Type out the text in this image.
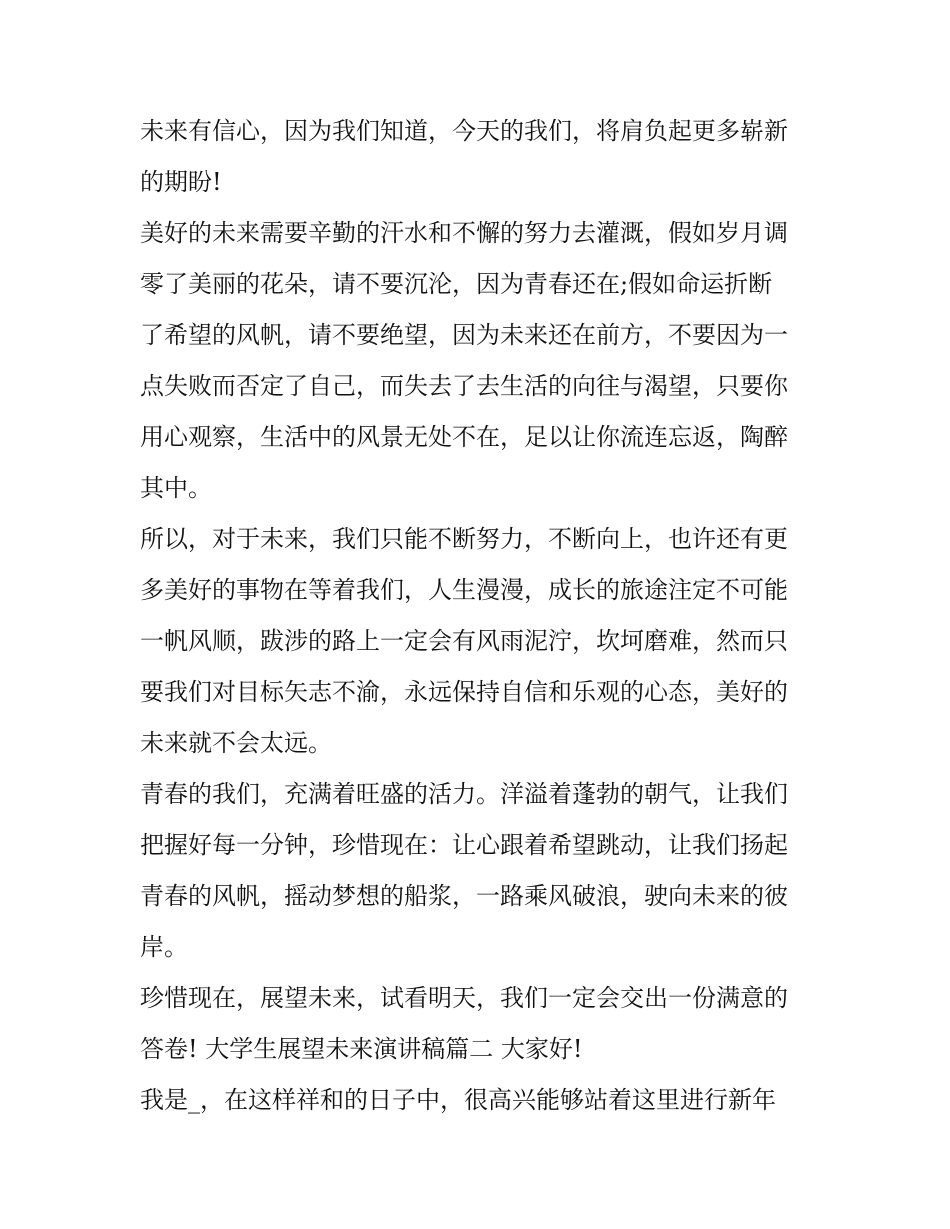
未来有信心，因为我们知道，今天的我们，将肩负起更多崭新
的期盼!
美好的未来需要辛勤的汗水和不懈的努力去灌溉，假如岁月调
零了美丽的花朵，请不要沉沦，因为青春还在;假如命运折断
了希望的风帆，请不要绝望，因为未来还在前方，不要因为一
点失败而否定了自己，而失去了去生活的向往与渴望，只要你
用心观察，生活中的风景无处不在，足以让你流连忘返，陶醉
其中。
所以，对于未来，我们只能不断努力，不断向上，也许还有更
多美好的事物在等着我们，人生漫漫，成长的旅途注定不可能
一帆风顺，跋涉的路上一定会有风雨泥泞，坎坷磨难，然而只
要我们对目标矢志不渝，永远保持自信和乐观的心态，美好的
未来就不会太远。
青春的我们，充满着旺盛的活力。洋溢着蓬勃的朝气，让我们
把握好每一分钟，珍惜现在：让心跟着希望跳动，让我们扬起
青春的风帆，摇动梦想的船浆，一路乘风破浪，驶向未来的彼
岸。
珍惜现在，展望未来，试看明天，我们一定会交出一份满意的
答卷! 大学生展望未来演讲稿篇二 大家好!
我是_，在这样祥和的日子中，很高兴能够站着这里进行新年
